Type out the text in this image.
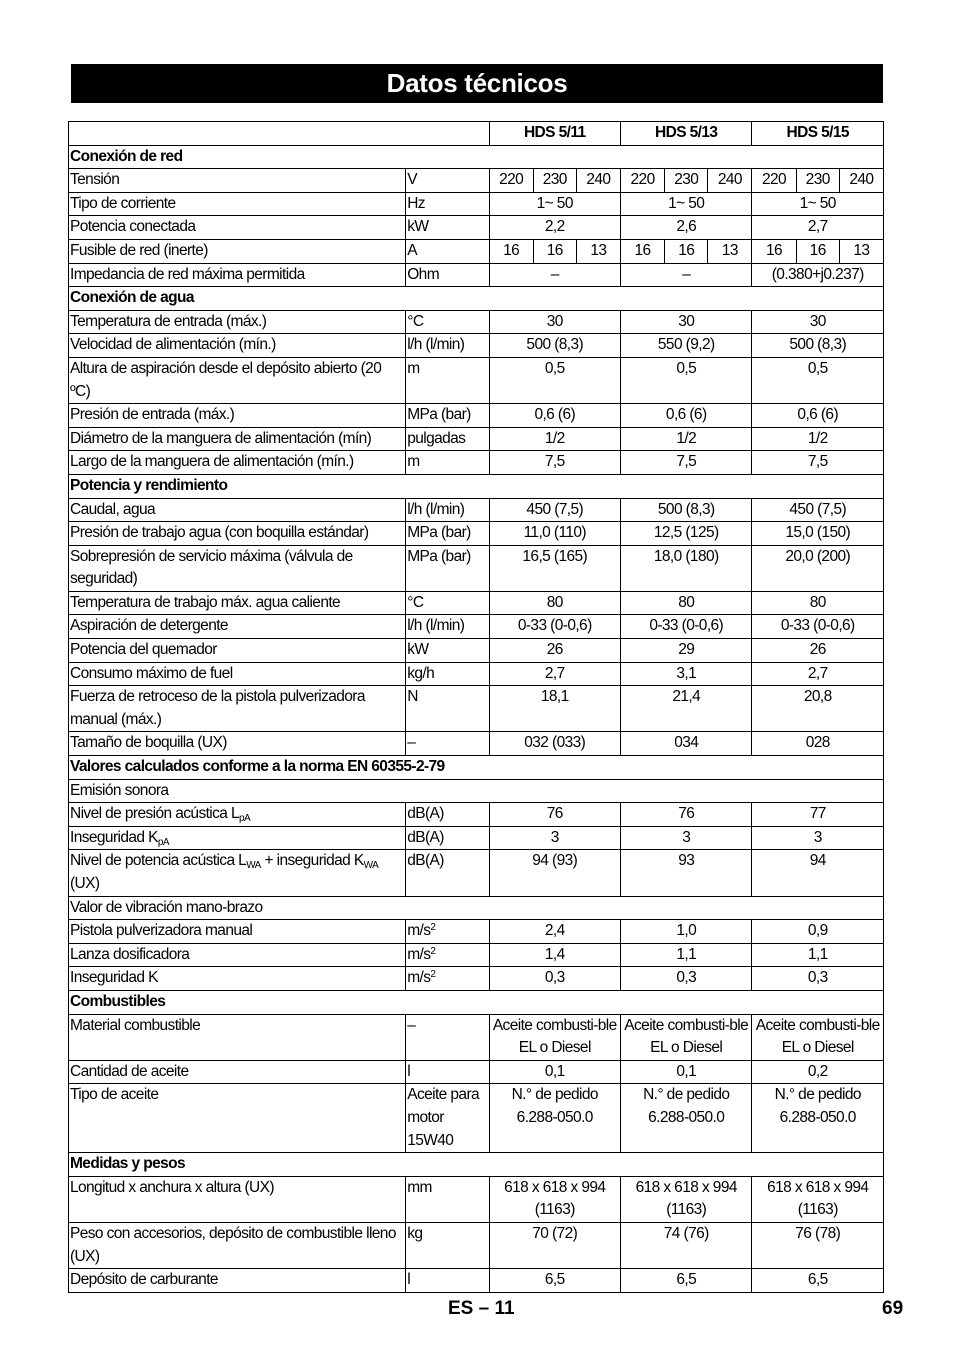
Datos técnicos
		HDS 5/11			HDS 5/13			HDS 5/15		
Conexión de red										
Tensión	V	220	230	240	220	230	240	220	230	240
Tipo de corriente	Hz	1~ 50			1~ 50			1~ 50		
Potencia conectada	kW	2,2			2,6			2,7		
Fusible de red (inerte)	A	16	16	13	16	16	13	16	16	13
Impedancia de red máxima permitida	Ohm	–			–			(0.380+j0.237)		
Conexión de agua										
Temperatura de entrada (máx.)	°C	30			30			30		
Velocidad de alimentación (mín.)	l/h (l/min)	500 (8,3)			550 (9,2)			500 (8,3)		
Altura de aspiración desde el depósito abierto (20 ºC)	m	0,5			0,5			0,5		
Presión de entrada (máx.)	MPa (bar)	0,6 (6)			0,6 (6)			0,6 (6)		
Diámetro de la manguera de alimentación (mín)	pulgadas	1/2			1/2			1/2		
Largo de la manguera de alimentación (mín.)	m	7,5			7,5			7,5		
Potencia y rendimiento										
Caudal, agua	l/h (l/min)	450 (7,5)			500 (8,3)			450 (7,5)		
Presión de trabajo agua (con boquilla estándar)	MPa (bar)	11,0 (110)			12,5 (125)			15,0 (150)		
Sobrepresión de servicio máxima (válvula de seguridad)	MPa (bar)	16,5 (165)			18,0 (180)			20,0 (200)		
Temperatura de trabajo máx. agua caliente	°C	80			80			80		
Aspiración de detergente	l/h (l/min)	0-33 (0-0,6)			0-33 (0-0,6)			0-33 (0-0,6)		
Potencia del quemador	kW	26			29			26		
Consumo máximo de fuel	kg/h	2,7			3,1			2,7		
Fuerza de retroceso de la pistola pulverizadora manual (máx.)	N	18,1			21,4			20,8		
Tamaño de boquilla (UX)	–	032 (033)			034			028		
Valores calculados conforme a la norma EN 60355-2-79										
Emisión sonora										
Nivel de presión acústica $L_{pA}$	dB(A)	76			76			77		
Inseguridad $K_{pA}$	dB(A)	3			3			3		
Nivel de potencia acústica $L_{WA}$ + inseguridad $K_{WA}$ (UX)	dB(A)	94 (93)			93			94		
Valor de vibración mano-brazo										
Pistola pulverizadora manual	$m/s^2$	2,4			1,0			0,9		
Lanza dosificadora	$m/s^2$	1,4			1,1			1,1		
Inseguridad K	$m/s^2$	0,3			0,3			0,3		
Combustibles										
Material combustible	–	Aceite combusti-ble EL o Diesel			Aceite combusti-ble EL o Diesel			Aceite combusti-ble EL o Diesel		
Cantidad de aceite	l	0,1			0,1			0,2		
Tipo de aceite	Aceite para motor 15W40	N.° de pedido 6.288-050.0			N.° de pedido 6.288-050.0			N.° de pedido 6.288-050.0		
Medidas y pesos										
Longitud x anchura x altura (UX)	mm	618 x 618 x 994 (1163)			618 x 618 x 994 (1163)			618 x 618 x 994 (1163)		
Peso con accesorios, depósito de combustible lleno (UX)	kg	70 (72)			74 (76)			76 (78)		
Depósito de carburante	l	6,5			6,5			6,5		
ES – 11	69
